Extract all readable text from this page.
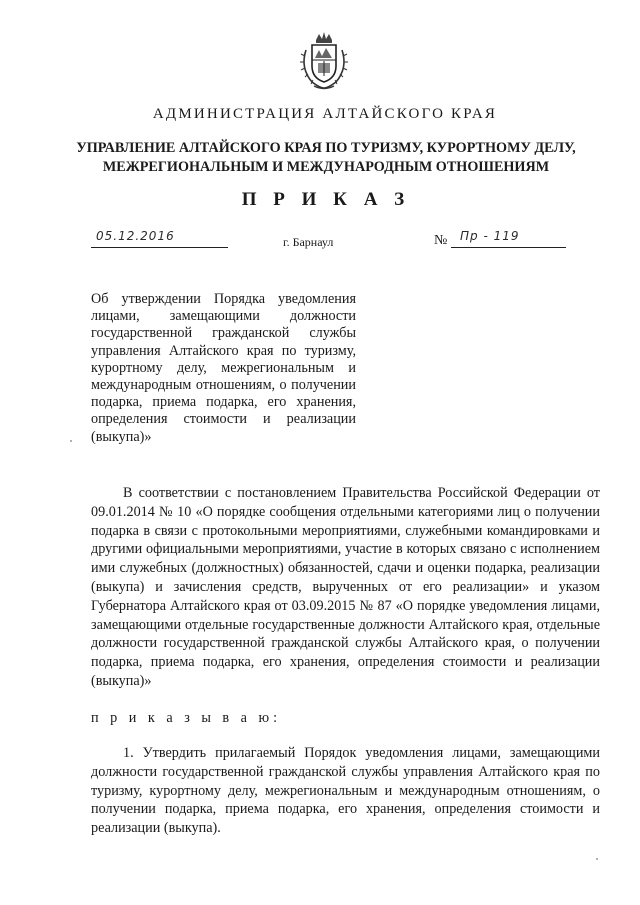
АДМИНИСТРАЦИЯ АЛТАЙСКОГО КРАЯ
УПРАВЛЕНИЕ АЛТАЙСКОГО КРАЯ ПО ТУРИЗМУ, КУРОРТНОМУ ДЕЛУ,
МЕЖРЕГИОНАЛЬНЫМ И МЕЖДУНАРОДНЫМ ОТНОШЕНИЯМ
П Р И К А З
05.12.2016	г. Барнаул	№ Пр - 119
Об утверждении Порядка уведомления лицами, замещающими должности государственной гражданской службы управления Алтайского края по туризму, курортному делу, межрегиональным и международным отношениям, о получении подарка, приема подарка, его хранения, определения стоимости и реализации (выкупа)»
В соответствии с постановлением Правительства Российской Федерации от 09.01.2014 № 10 «О порядке сообщения отдельными категориями лиц о получении подарка в связи с протокольными мероприятиями, служебными командировками и другими официальными мероприятиями, участие в которых связано с исполнением ими служебных (должностных) обязанностей, сдачи и оценки подарка, реализации (выкупа) и зачисления средств, вырученных от его реализации» и указом Губернатора Алтайского края от 03.09.2015 № 87 «О порядке уведомления лицами, замещающими отдельные государственные должности Алтайского края, отдельные должности государственной гражданской службы Алтайского края, о получении подарка, приема подарка, его хранения, определения стоимости и реализации (выкупа)»
п р и к а з ы в а ю:
1. Утвердить прилагаемый Порядок уведомления лицами, замещающими должности государственной гражданской службы управления Алтайского края по туризму, курортному делу, межрегиональным и международным отношениям, о получении подарка, приема подарка, его хранения, определения стоимости и реализации (выкупа).
